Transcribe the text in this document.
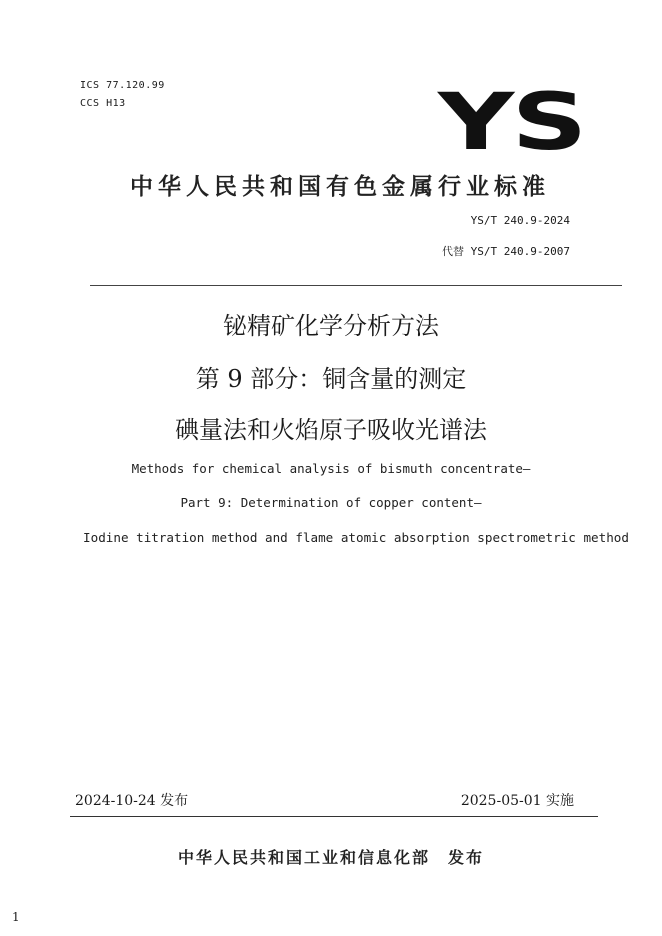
ICS 77.120.99
CCS H13	YS
中华人民共和国有色金属行业标准
YS/T 240.9-2024
代替 YS/T 240.9-2007
铋精矿化学分析方法
第 9 部分：铜含量的测定
碘量法和火焰原子吸收光谱法
Methods for chemical analysis of bismuth concentrate—
Part 9: Determination of copper content—
Iodine titration method and flame atomic absorption spectrometric method
2024-10-24 发布	2025-05-01 实施
中华人民共和国工业和信息化部　发布
1
